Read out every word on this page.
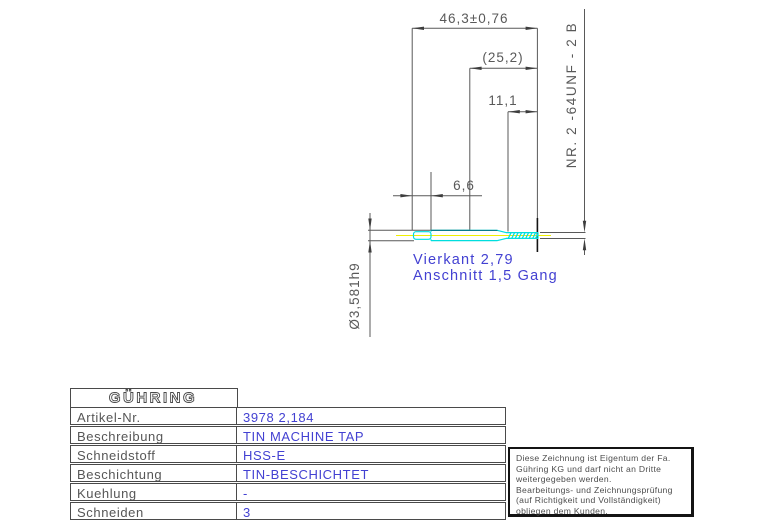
46,3±0,76
(25,2)
11,1
6,6
Ø3,581h9
NR. 2 -64UNF - 2 B
Vierkant 2,79
Anschnitt 1,5 Gang
GÜHRING
Artikel-Nr.	3978 2,184
Beschreibung	TIN MACHINE TAP
Schneidstoff	HSS-E
Beschichtung	TIN-BESCHICHTET
Kuehlung	-
Schneiden	3
Diese Zeichnung ist Eigentum der Fa.
Gühring KG und darf nicht an Dritte
weitergegeben werden.
Bearbeitungs- und Zeichnungsprüfung
(auf Richtigkeit und Vollständigkeit)
obliegen dem Kunden.
